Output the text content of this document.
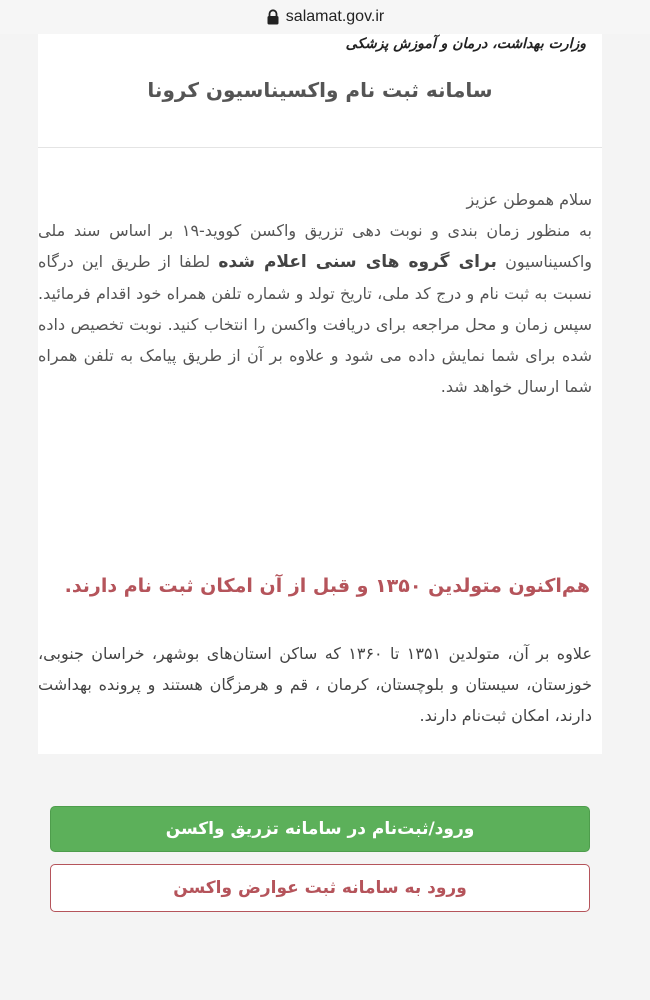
salamat.gov.ir
وزارت بهداشت، درمان و آموزش پزشکی
سامانه ثبت نام واکسیناسیون کرونا

سلام هموطن عزیز

به منظور زمان بندی و نوبت دهی تزریق واکسن کووید-۱۹ بر اساس سند ملی واکسیناسیون برای گروه های سنی اعلام شده لطفا از طریق این درگاه نسبت به ثبت نام و درج کد ملی، تاریخ تولد و شماره تلفن همراه خود اقدام فرمائید. سپس زمان و محل مراجعه برای دریافت واکسن را انتخاب کنید. نوبت تخصیص داده شده برای شما نمایش داده می شود و علاوه بر آن از طریق پیامک به تلفن همراه شما ارسال خواهد شد.

هم‌اکنون متولدین ۱۳۵۰ و قبل از آن امکان ثبت نام دارند.
علاوه بر آن، متولدین ۱۳۵۱ تا ۱۳۶۰ که ساکن استان‌های بوشهر، خراسان جنوبی، خوزستان، سیستان و بلوچستان، کرمان ، قم و هرمزگان هستند و پرونده بهداشت دارند، امکان ثبت‌نام دارند.
ورود/ثبت‌نام در سامانه تزریق واکسن
ورود به سامانه ثبت عوارض واکسن
